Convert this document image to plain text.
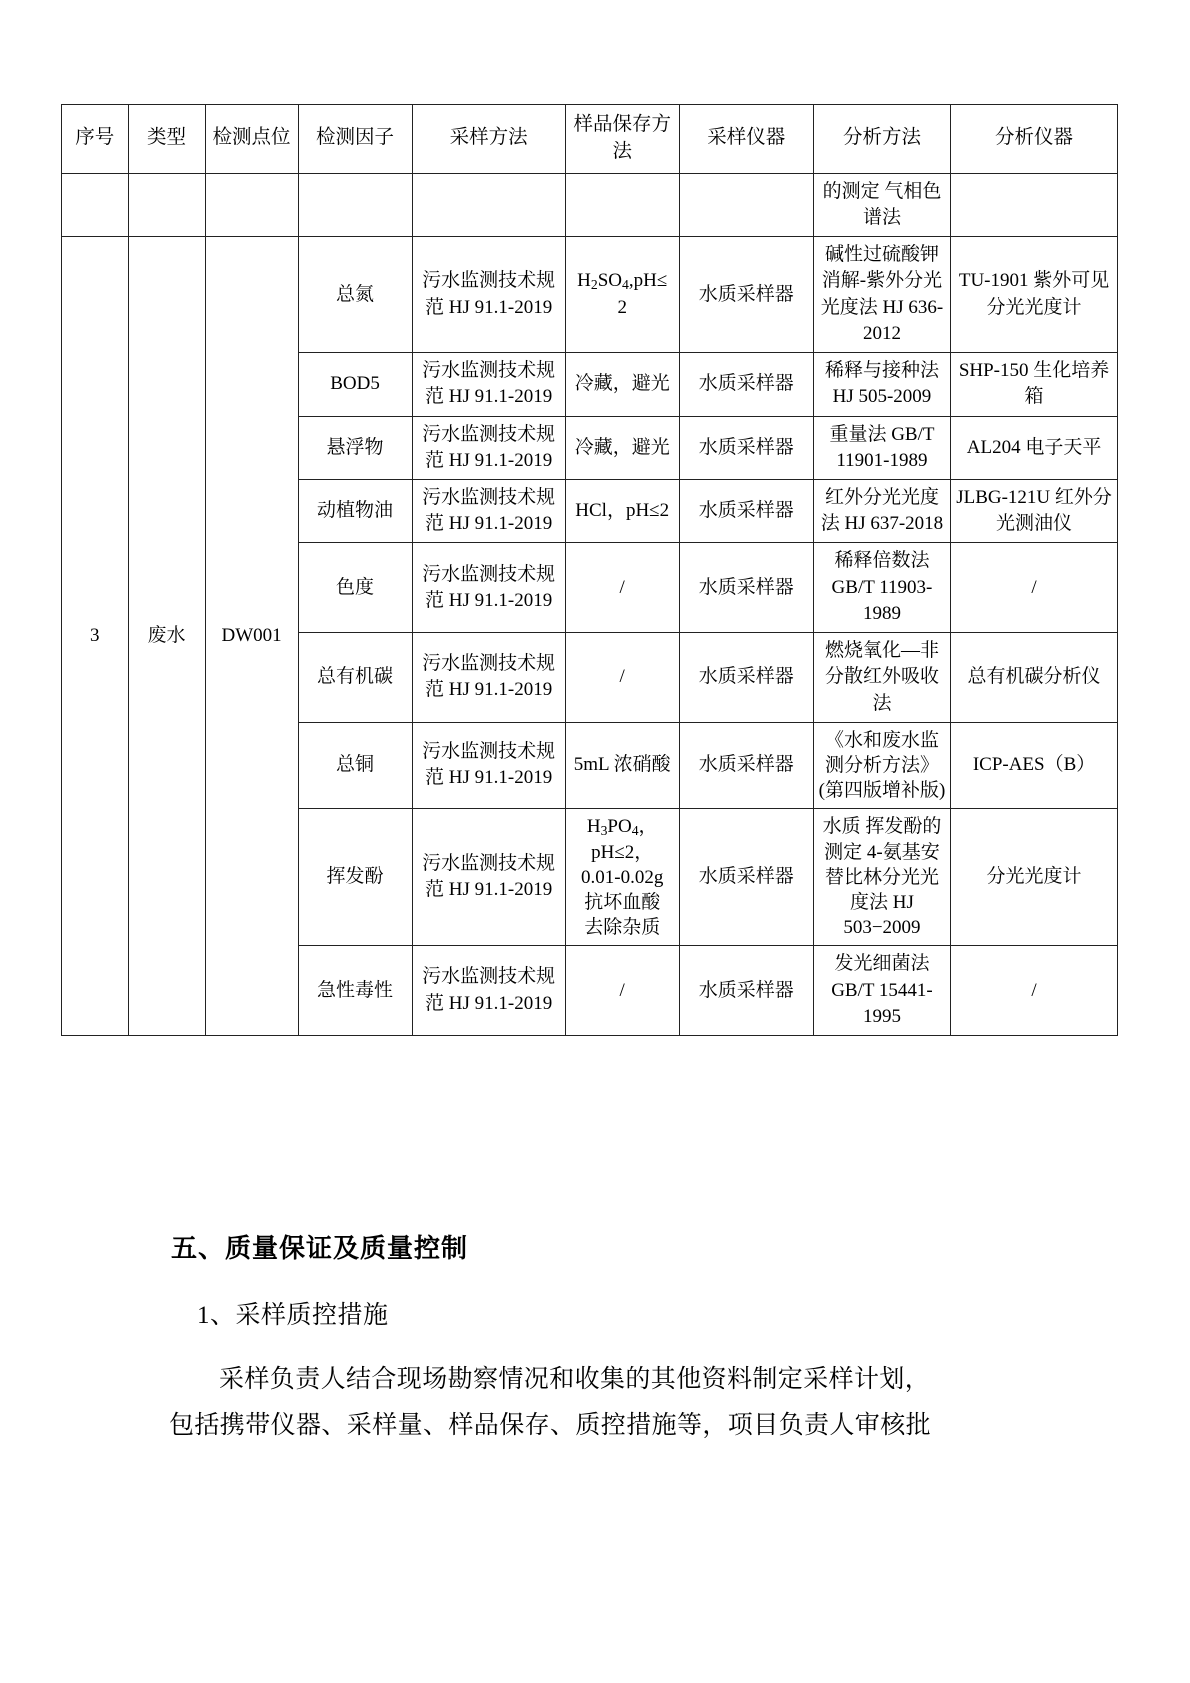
序号	类型	检测点位	检测因子	采样方法	样品保存方法	采样仪器	分析方法	分析仪器
							的测定 气相色谱法	
3	废水	DW001	总氮	污水监测技术规范 HJ 91.1-2019	$H_2SO_4,pH\le$
2	水质采样器	碱性过硫酸钾消解-紫外分光光度法 HJ 636-2012	TU-1901 紫外可见分光光度计
			BOD5	污水监测技术规范 HJ 91.1-2019	冷藏，避光	水质采样器	稀释与接种法 HJ 505-2009	SHP-150 生化培养箱
			悬浮物	污水监测技术规范 HJ 91.1-2019	冷藏，避光	水质采样器	重量法 GB/T 11901-1989	AL204 电子天平
			动植物油	污水监测技术规范 HJ 91.1-2019	HCl，pH≤2	水质采样器	红外分光光度法 HJ 637-2018	JLBG-121U 红外分光测油仪
			色度	污水监测技术规范 HJ 91.1-2019	/	水质采样器	稀释倍数法 GB/T 11903-1989	/
			总有机碳	污水监测技术规范 HJ 91.1-2019	/	水质采样器	燃烧氧化—非分散红外吸收法	总有机碳分析仪
			总铜	污水监测技术规范 HJ 91.1-2019	5mL 浓硝酸	水质采样器	《水和废水监测分析方法》(第四版增补版)	ICP-AES（B）
			挥发酚	污水监测技术规范 HJ 91.1-2019	$H_3PO_4$，
pH≤2，
0.01-0.02g
抗坏血酸
去除杂质	水质采样器	水质 挥发酚的测定 4-氨基安替比林分光光度法 HJ 503−2009	分光光度计
			急性毒性	污水监测技术规范 HJ 91.1-2019	/	水质采样器	发光细菌法 GB/T 15441-1995	/
五、质量保证及质量控制

1、采样质控措施

采样负责人结合现场勘察情况和收集的其他资料制定采样计划，

包括携带仪器、采样量、样品保存、质控措施等，项目负责人审核批
